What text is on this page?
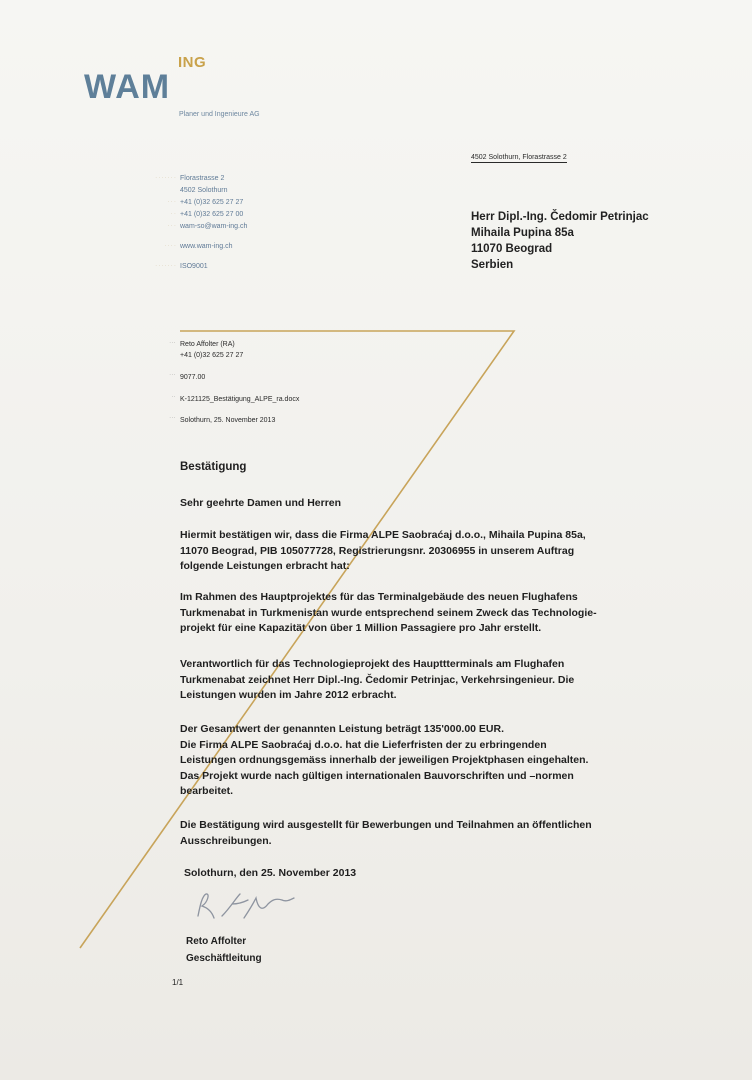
ING
WAM
Planer und Ingenieure AG
· · · · · · · Florastrasse 2
4502 Solothurn
· · · +41 (0)32 625 27 27
· · +41 (0)32 625 27 00
· · · wam-so@wam-ing.ch
· · · · www.wam-ing.ch
· · · · · · · ISO9001
4502 Solothurn, Florastrasse 2
Herr Dipl.-Ing. Čedomir Petrinjac
Mihaila Pupina 85a
11070 Beograd
Serbien
· · · Reto Affolter (RA)
+41 (0)32 625 27 27
· · · 9077.00
· · K-121125_Bestätigung_ALPE_ra.docx
· · · Solothurn, 25. November 2013
Bestätigung
Sehr geehrte Damen und Herren
Hiermit bestätigen wir, dass die Firma ALPE Saobraćaj d.o.o., Mihaila Pupina 85a,
11070 Beograd, PIB 105077728, Registrierungsnr. 20306955 in unserem Auftrag
folgende Leistungen erbracht hat:
Im Rahmen des Hauptprojektes für das Terminalgebäude des neuen Flughafens
Turkmenabat in Turkmenistan wurde entsprechend seinem Zweck das Technologie-
projekt für eine Kapazität von über 1 Million Passagiere pro Jahr erstellt.
Verantwortlich für das Technologieprojekt des Haupttterminals am Flughafen
Turkmenabat zeichnet Herr Dipl.-Ing. Čedomir Petrinjac, Verkehrsingenieur. Die
Leistungen wurden im Jahre 2012 erbracht.
Der Gesamtwert der genannten Leistung beträgt 135'000.00 EUR.
Die Firma ALPE Saobraćaj d.o.o. hat die Lieferfristen der zu erbringenden
Leistungen ordnungsgemäss innerhalb der jeweiligen Projektphasen eingehalten.
Das Projekt wurde nach gültigen internationalen Bauvorschriften und –normen
bearbeitet.
Die Bestätigung wird ausgestellt für Bewerbungen und Teilnahmen an öffentlichen
Ausschreibungen.
Solothurn, den 25. November 2013
Reto Affolter
Geschäftleitung
1/1
